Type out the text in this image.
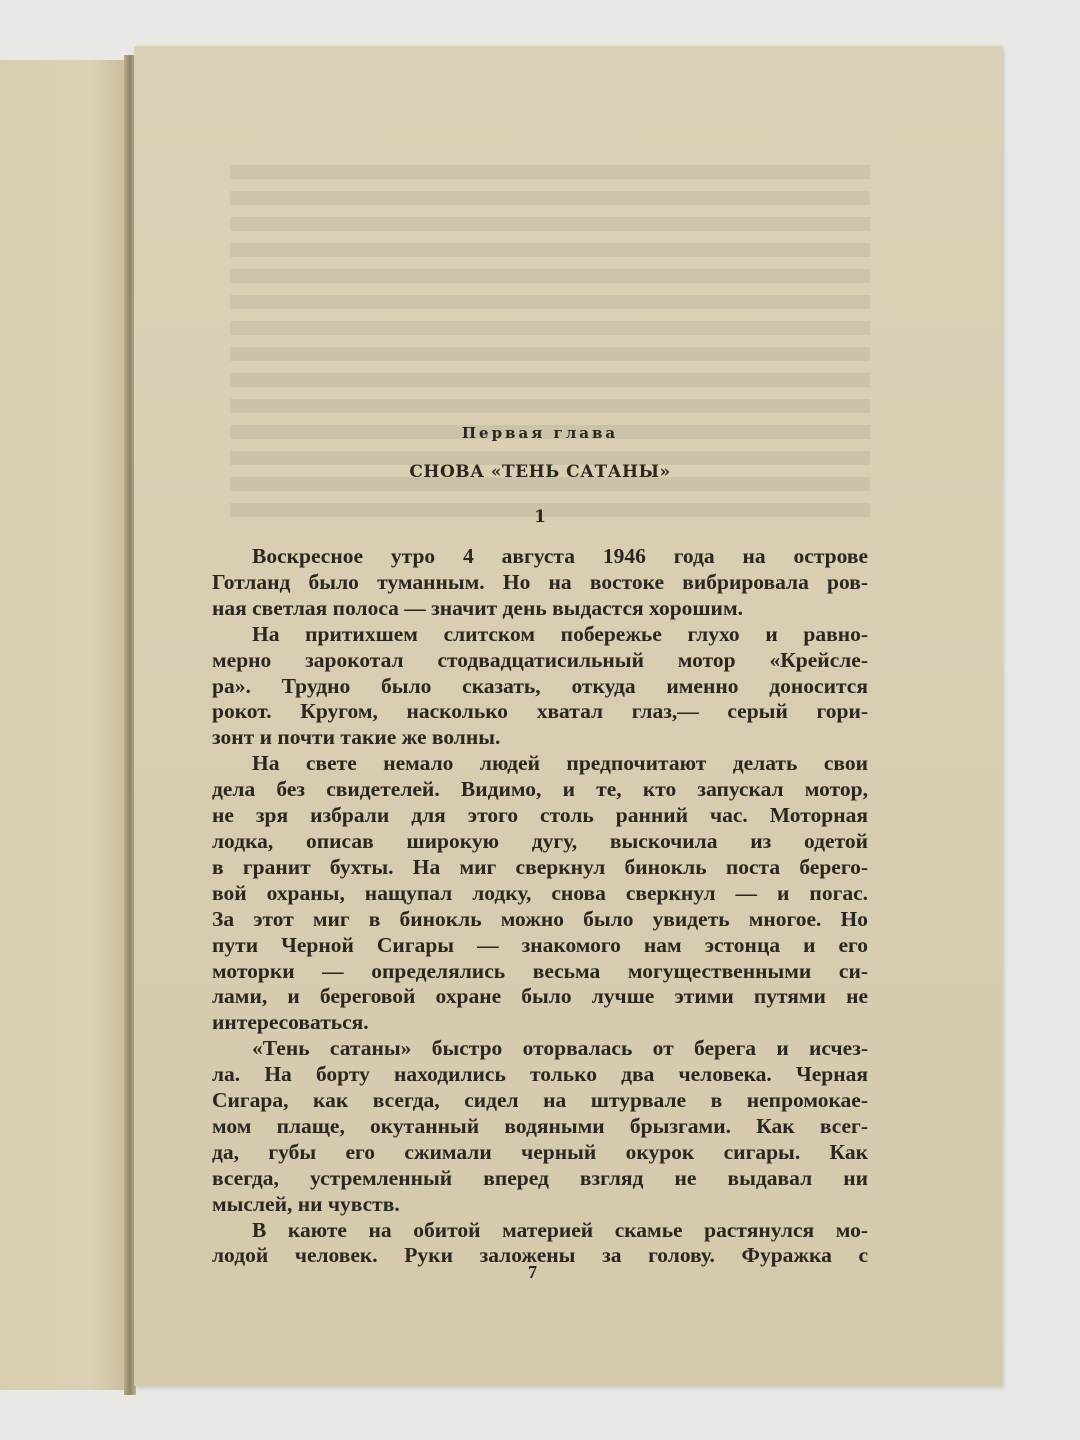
Первая глава
СНОВА «ТЕНЬ САТАНЫ»
1
Воскресное утро 4 августа 1946 года на острове
Готланд было туманным. Но на востоке вибрировала ров-
ная светлая полоса — значит день выдастся хорошим.
На притихшем слитском побережье глухо и равно-
мерно зарокотал стодвадцатисильный мотор «Крейсле-
ра». Трудно было сказать, откуда именно доносится
рокот. Кругом, насколько хватал глаз,— серый гори-
зонт и почти такие же волны.
На свете немало людей предпочитают делать свои
дела без свидетелей. Видимо, и те, кто запускал мотор,
не зря избрали для этого столь ранний час. Моторная
лодка, описав широкую дугу, выскочила из одетой
в гранит бухты. На миг сверкнул бинокль поста берего-
вой охраны, нащупал лодку, снова сверкнул — и погас.
За этот миг в бинокль можно было увидеть многое. Но
пути Черной Сигары — знакомого нам эстонца и его
моторки — определялись весьма могущественными си-
лами, и береговой охране было лучше этими путями не
интересоваться.
«Тень сатаны» быстро оторвалась от берега и исчез-
ла. На борту находились только два человека. Черная
Сигара, как всегда, сидел на штурвале в непромокае-
мом плаще, окутанный водяными брызгами. Как всег-
да, губы его сжимали черный окурок сигары. Как
всегда, устремленный вперед взгляд не выдавал ни
мыслей, ни чувств.
В каюте на обитой материей скамье растянулся мо-
лодой человек. Руки заложены за голову. Фуражка с
7
